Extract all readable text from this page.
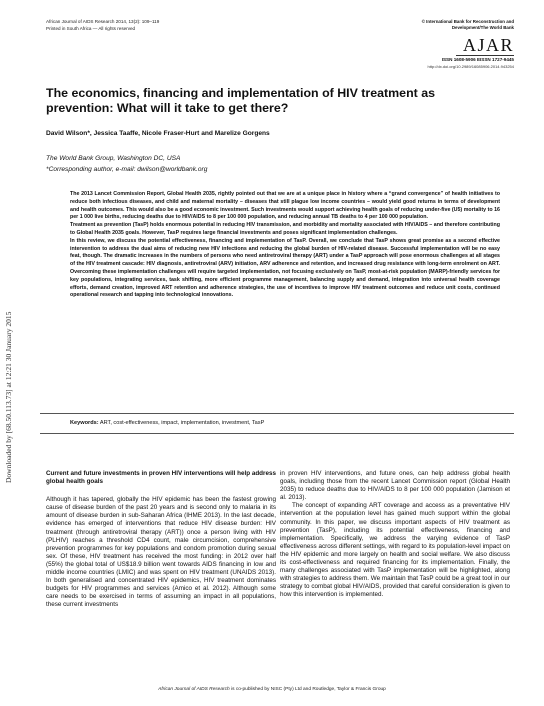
African Journal of AIDS Research 2014, 13(2): 109–119
Printed in South Africa — All rights reserved
© International Bank for Reconstruction and Development/The World Bank
AJAR
ISSN 1608-5906 EISSN 1727-9445
http://dx.doi.org/10.2989/16085906.2014.943254
Downloaded by [68.50.113.73] at 12:21 30 January 2015
The economics, financing and implementation of HIV treatment as prevention: What will it take to get there?
David Wilson*, Jessica Taaffe, Nicole Fraser-Hurt and Marelize Gorgens
The World Bank Group, Washington DC, USA
*Corresponding author, e-mail: dwilson@worldbank.org

The 2013 Lancet Commission Report, Global Health 2035, rightly pointed out that we are at a unique place in history where a “grand convergence” of health initiatives to reduce both infectious diseases, and child and maternal mortality – diseases that still plague low income countries – would yield good returns in terms of development and health outcomes. This would also be a good economic investment. Such investments would support achieving health goals of reducing under-five (U5) mortality to 16 per 1 000 live births, reducing deaths due to HIV/AIDS to 8 per 100 000 population, and reducing annual TB deaths to 4 per 100 000 population.

Treatment as prevention (TasP) holds enormous potential in reducing HIV transmission, and morbidity and mortality associated with HIV/AIDS – and therefore contributing to Global Health 2035 goals. However, TasP requires large financial investments and poses significant implementation challenges.

In this review, we discuss the potential effectiveness, financing and implementation of TasP. Overall, we conclude that TasP shows great promise as a second effective intervention to address the dual aims of reducing new HIV infections and reducing the global burden of HIV-related disease. Successful implementation will be no easy feat, though. The dramatic increases in the numbers of persons who need antiretroviral therapy (ART) under a TasP approach will pose enormous challenges at all stages of the HIV treatment cascade: HIV diagnosis, antiretroviral (ARV) initiation, ARV adherence and retention, and increased drug resistance with long-term enrolment on ART. Overcoming these implementation challenges will require targeted implementation, not focusing exclusively on TasP, most-at-risk population (MARP)-friendly services for key populations, integrating services, task shifting, more efficient programme management, balancing supply and demand, integration into universal health coverage efforts, demand creation, improved ART retention and adherence strategies, the use of incentives to improve HIV treatment outcomes and reduce unit costs, continued operational research and tapping into technological innovations.

Keywords: ART, cost-effectiveness, impact, implementation, investment, TasP

Current and future investments in proven HIV interventions will help address global health goals

Although it has tapered, globally the HIV epidemic has been the fastest growing cause of disease burden of the past 20 years and is second only to malaria in its amount of disease burden in sub-Saharan Africa (IHME 2013). In the last decade, evidence has emerged of interventions that reduce HIV disease burden: HIV treatment (through antiretroviral therapy (ART)) once a person living with HIV (PLHIV) reaches a threshold CD4 count, male circumcision, comprehensive prevention programmes for key populations and condom promotion during sexual sex. Of these, HIV treatment has received the most funding: in 2012 over half (55%) the global total of US$18.9 billion went towards AIDS financing in low and middle income countries (LMIC) and was spent on HIV treatment (UNAIDS 2013). In both generalised and concentrated HIV epidemics, HIV treatment dominates budgets for HIV programmes and services (Amico et al. 2012). Although some care needs to be exercised in terms of assuming an impact in all populations, these current investments

in proven HIV interventions, and future ones, can help address global health goals, including those from the recent Lancet Commission report (Global Health 2035) to reduce deaths due to HIV/AIDS to 8 per 100 000 population (Jamison et al. 2013).

The concept of expanding ART coverage and access as a preventative HIV intervention at the population level has gained much support within the global community. In this paper, we discuss important aspects of HIV treatment as prevention (TasP), including its potential effectiveness, financing and implementation. Specifically, we address the varying evidence of TasP effectiveness across different settings, with regard to its population-level impact on the HIV epidemic and more largely on health and social welfare. We also discuss its cost-effectiveness and required financing for its implementation. Finally, the many challenges associated with TasP implementation will be highlighted, along with strategies to address them. We maintain that TasP could be a great tool in our strategy to combat global HIV/AIDS, provided that careful consideration is given to how this intervention is implemented.

African Journal of AIDS Research is co-published by NISC (Pty) Ltd and Routledge, Taylor & Francis Group
